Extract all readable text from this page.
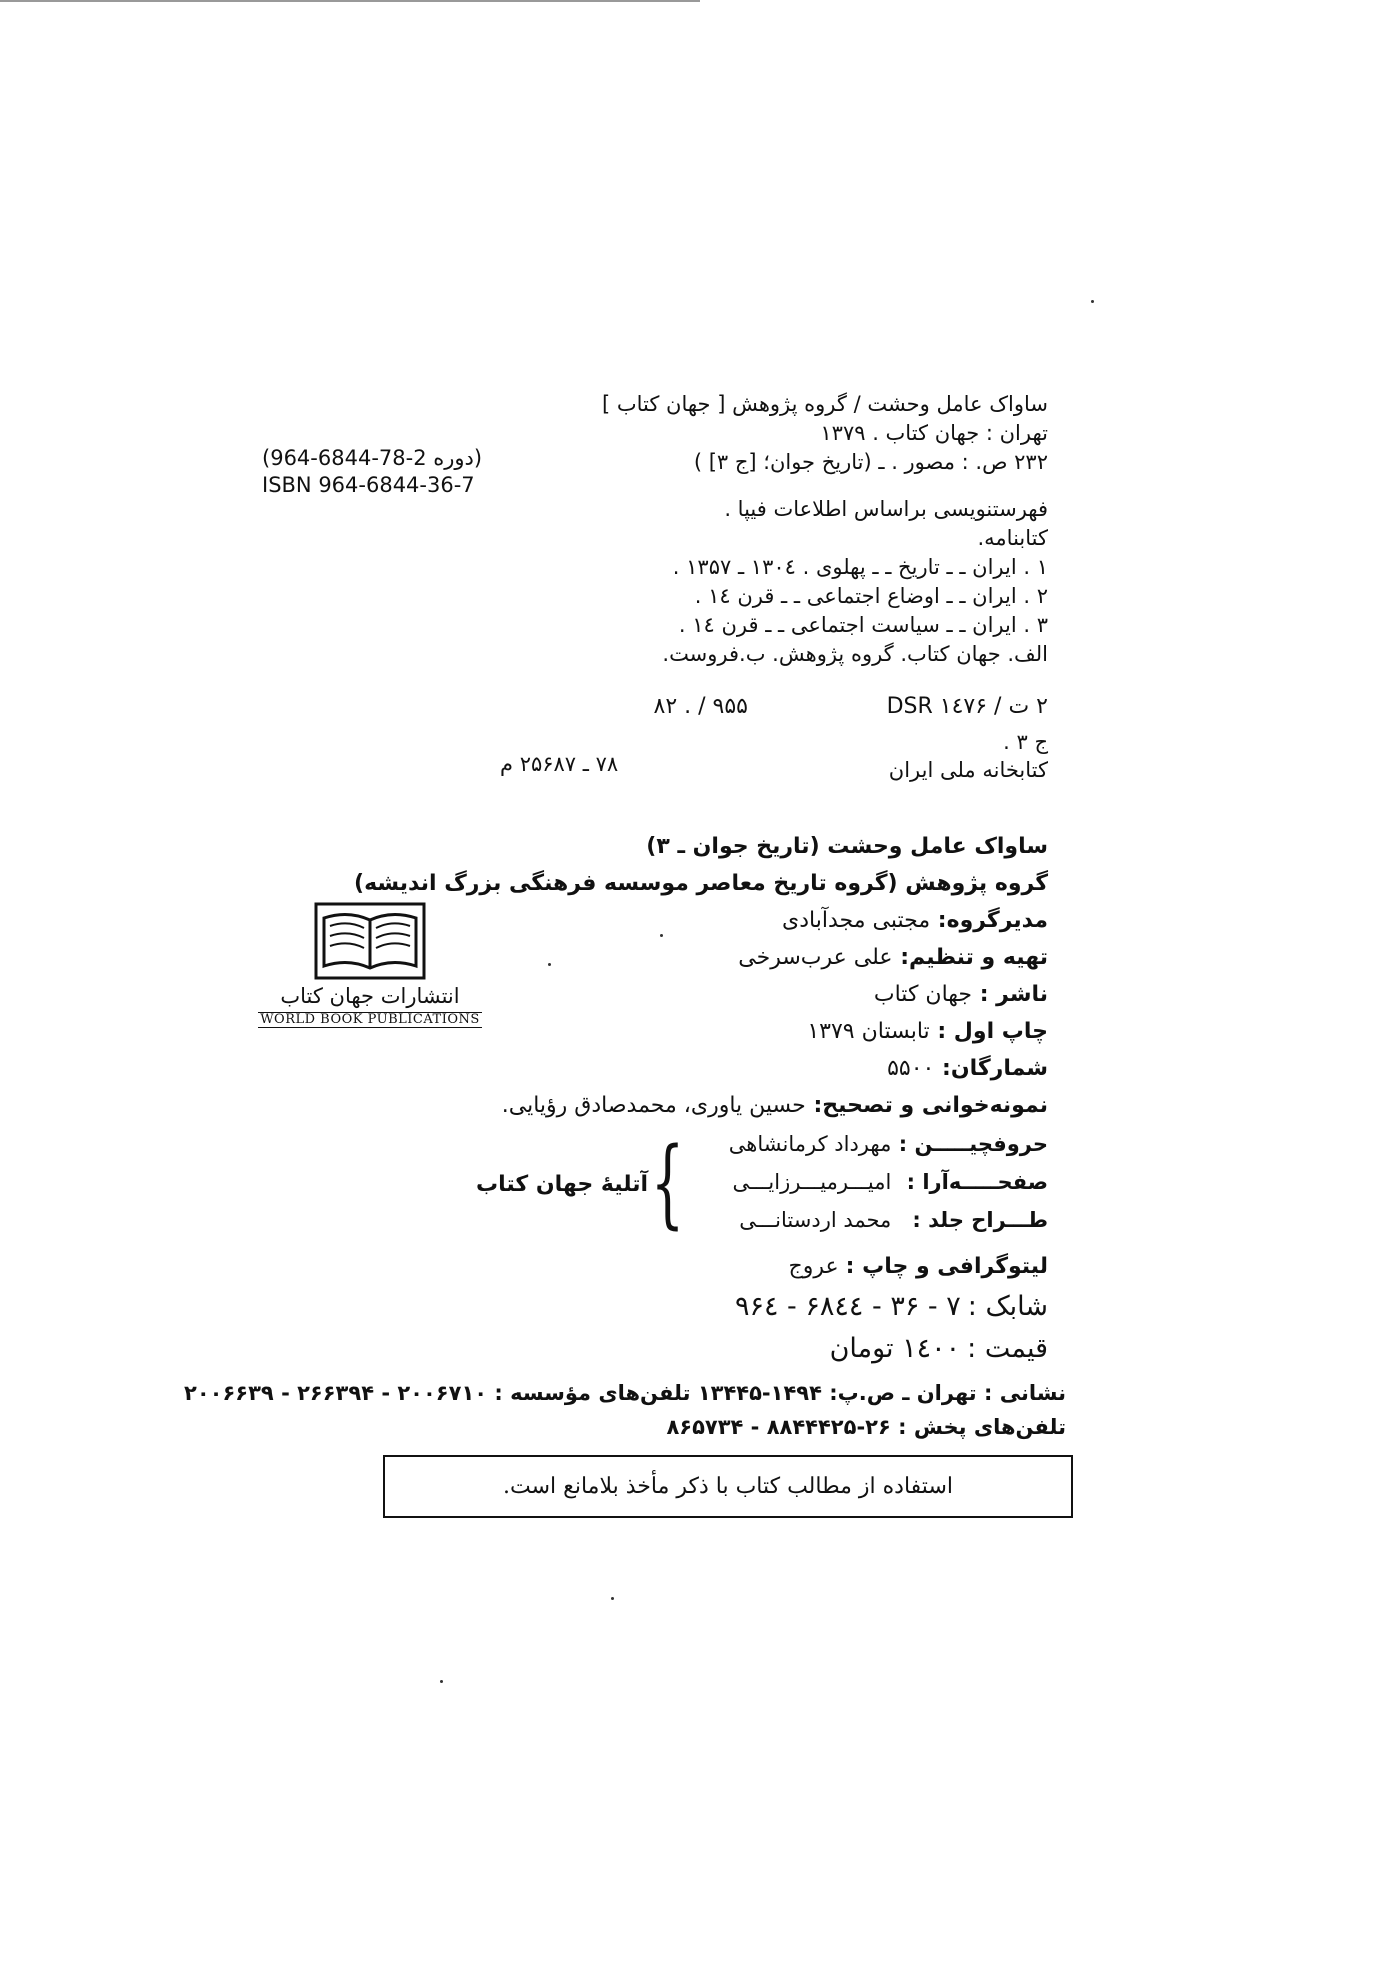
ساواک عامل وحشت / گروه پژوهش [ جهان کتاب ]
تهران : جهان کتاب . ۱۳۷۹
۲۳۲ ص. : مصور . ـ (تاریخ جوان؛ [ج ۳] )
فهرستنویسی براساس اطلاعات فیپا .
کتابنامه.
۱ . ایران ـ ـ تاریخ ـ ـ پهلوی . ۱۳۰٤ ـ ۱۳۵۷ .
۲ . ایران ـ ـ اوضاع اجتماعی ـ ـ قرن ۱٤ .
۳ . ایران ـ ـ سیاست اجتماعی ـ ـ قرن ۱٤ .
الف. جهان کتاب. گروه پژوهش. ب.فروست.
(دوره 2-78-6844-964)
ISBN 964-6844-36-7
۲ ت / DSR ۱٤۷۶
۹۵۵ / . ۸۲
ج ۳ .
کتابخانه ملی ایران
۷۸ ـ ۲۵۶۸۷ م
انتشارات جهان کتاب
WORLD BOOK PUBLICATIONS
ساواک عامل وحشت (تاریخ جوان ـ ۳)
گروه پژوهش (گروه تاریخ معاصر موسسه فرهنگی بزرگ اندیشه)
مدیرگروه: مجتبی مجدآبادی
تهیه و تنظیم: علی عرب‌سرخی
ناشر : جهان کتاب
چاپ اول : تابستان ۱۳۷۹
شمارگان: ۵۵۰۰
نمونه‌خوانی و تصحیح: حسین یاوری، محمدصادق رؤیایی.
حروفچیـــــن : مهرداد کرمانشاهی
صفحـــــه‌آرا : امیـــرمیـــرزایـــی
طـــراح جلد : محمد اردستانـــی
}
آتلیهٔ جهان کتاب
لیتوگرافی و چاپ : عروج
شابک : ۷ - ۳۶ - ۶۸٤٤ - ۹۶٤
قیمت : ۱٤۰۰ تومان
نشانی : تهران ـ ص.پ: ۱۴۹۴-۱۳۴۴۵ تلفن‌های مؤسسه : ۲۰۰۶۷۱۰ - ۲۶۶۳۹۴ - ۲۰۰۶۶۳۹
تلفن‌های پخش : ۲۶-۸۸۴۴۴۲۵ - ۸۶۵۷۳۴
استفاده از مطالب کتاب با ذکر مأخذ بلامانع است.
